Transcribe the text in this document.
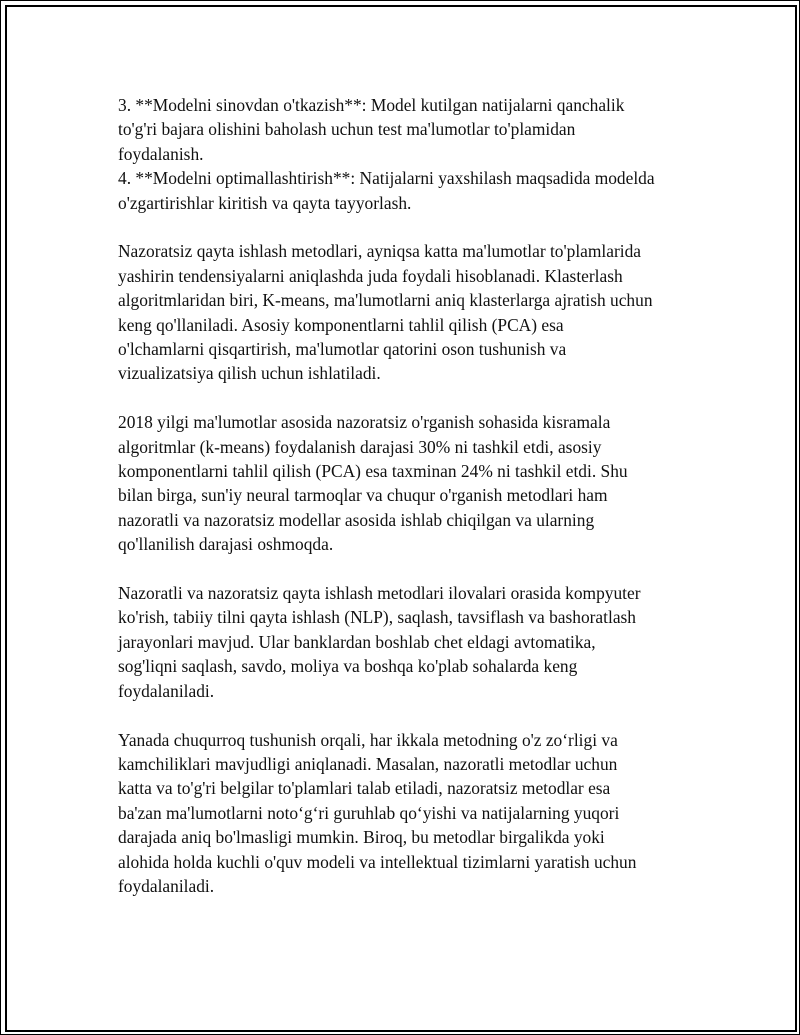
3. **Modelni sinovdan o'tkazish**: Model kutilgan natijalarni qanchalik
to'g'ri bajara olishini baholash uchun test ma'lumotlar to'plamidan
foydalanish.
4. **Modelni optimallashtirish**: Natijalarni yaxshilash maqsadida modelda
o'zgartirishlar kiritish va qayta tayyorlash.

Nazoratsiz qayta ishlash metodlari, ayniqsa katta ma'lumotlar to'plamlarida
yashirin tendensiyalarni aniqlashda juda foydali hisoblanadi. Klasterlash
algoritmlaridan biri, K-means, ma'lumotlarni aniq klasterlarga ajratish uchun
keng qo'llaniladi. Asosiy komponentlarni tahlil qilish (PCA) esa
o'lchamlarni qisqartirish, ma'lumotlar qatorini oson tushunish va
vizualizatsiya qilish uchun ishlatiladi.

2018 yilgi ma'lumotlar asosida nazoratsiz o'rganish sohasida kisramala
algoritmlar (k-means) foydalanish darajasi 30% ni tashkil etdi, asosiy
komponentlarni tahlil qilish (PCA) esa taxminan 24% ni tashkil etdi. Shu
bilan birga, sun'iy neural tarmoqlar va chuqur o'rganish metodlari ham
nazoratli va nazoratsiz modellar asosida ishlab chiqilgan va ularning
qo'llanilish darajasi oshmoqda.

Nazoratli va nazoratsiz qayta ishlash metodlari ilovalari orasida kompyuter
ko'rish, tabiiy tilni qayta ishlash (NLP), saqlash, tavsiflash va bashoratlash
jarayonlari mavjud. Ular banklardan boshlab chet eldagi avtomatika,
sog'liqni saqlash, savdo, moliya va boshqa ko'plab sohalarda keng
foydalaniladi.

Yanada chuqurroq tushunish orqali, har ikkala metodning o'z zo‘rligi va
kamchiliklari mavjudligi aniqlanadi. Masalan, nazoratli metodlar uchun
katta va to'g'ri belgilar to'plamlari talab etiladi, nazoratsiz metodlar esa
ba'zan ma'lumotlarni noto‘g‘ri guruhlab qo‘yishi va natijalarning yuqori
darajada aniq bo'lmasligi mumkin. Biroq, bu metodlar birgalikda yoki
alohida holda kuchli o'quv modeli va intellektual tizimlarni yaratish uchun
foydalaniladi.
